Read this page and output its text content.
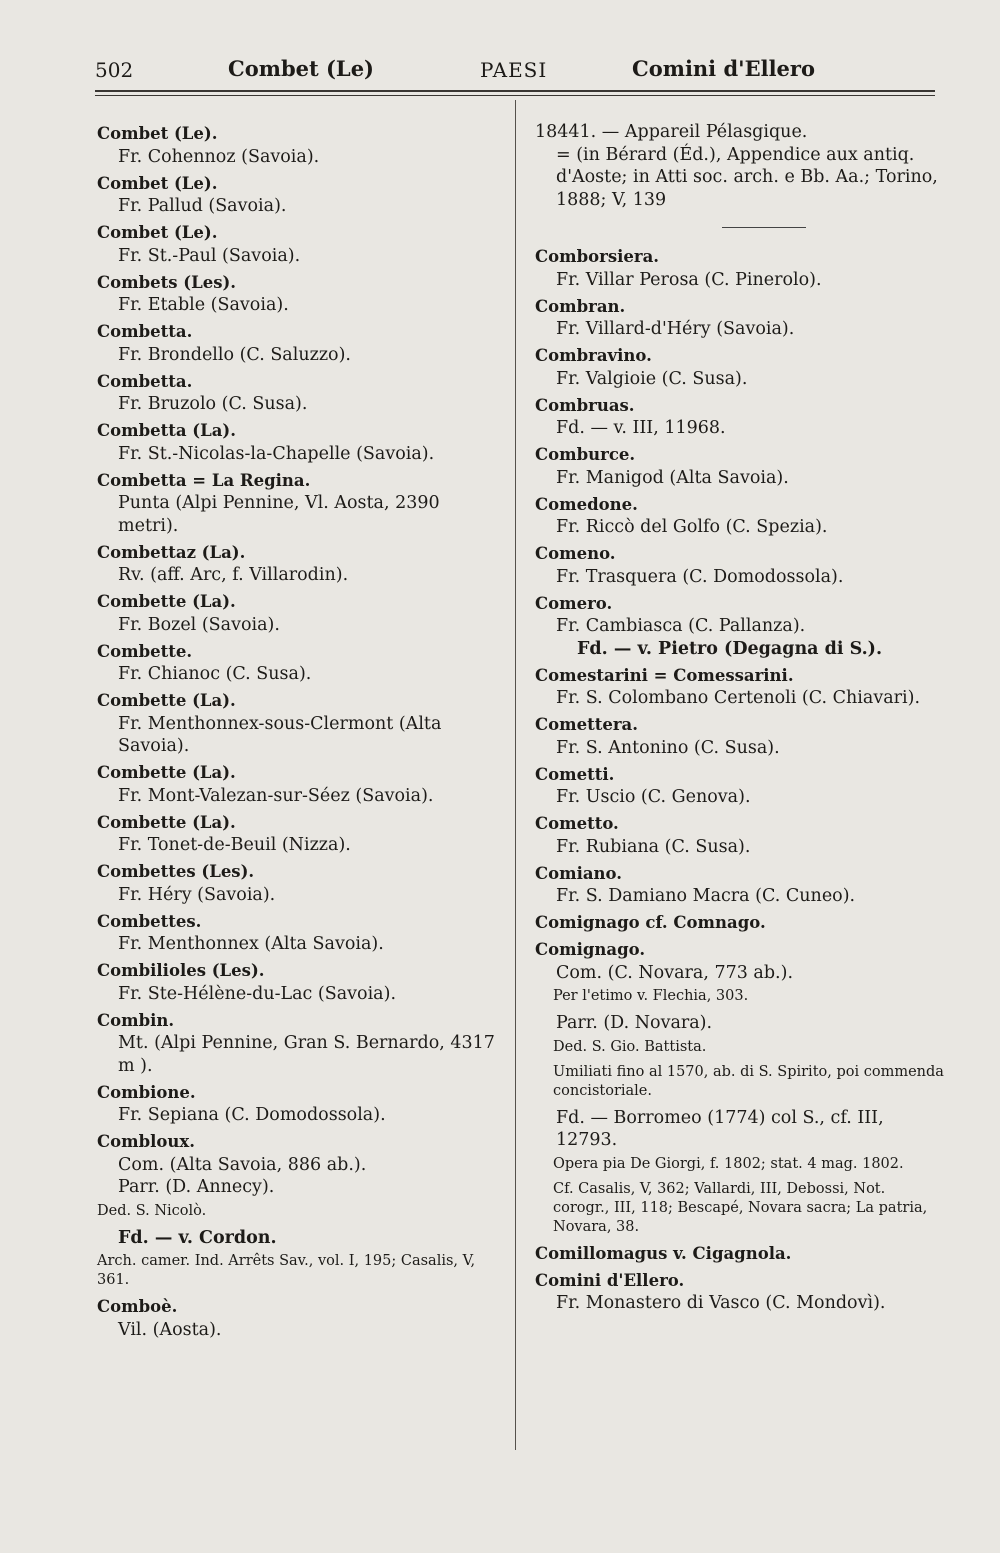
502	Combet (Le)	PAESI	Comini d'Ellero
Combet (Le).
Fr. Cohennoz (Savoia).
Combet (Le).
Fr. Pallud (Savoia).
Combet (Le).
Fr. St.-Paul (Savoia).
Combets (Les).
Fr. Etable (Savoia).
Combetta.
Fr. Brondello (C. Saluzzo).
Combetta.
Fr. Bruzolo (C. Susa).
Combetta (La).
Fr. St.-Nicolas-la-Chapelle (Savoia).
Combetta = La Regina.
Punta (Alpi Pennine, Vl. Aosta, 2390 metri).
Combettaz (La).
Rv. (aff. Arc, f. Villarodin).
Combette (La).
Fr. Bozel (Savoia).
Combette.
Fr. Chianoc (C. Susa).
Combette (La).
Fr. Menthonnex-sous-Clermont (Alta Savoia).
Combette (La).
Fr. Mont-Valezan-sur-Séez (Savoia).
Combette (La).
Fr. Tonet-de-Beuil (Nizza).
Combettes (Les).
Fr. Héry (Savoia).
Combettes.
Fr. Menthonnex (Alta Savoia).
Combilioles (Les).
Fr. Ste-Hélène-du-Lac (Savoia).
Combin.
Mt. (Alpi Pennine, Gran S. Bernardo, 4317 m ).
Combione.
Fr. Sepiana (C. Domodossola).
Combloux.
Com. (Alta Savoia, 886 ab.).
Parr. (D. Annecy).
Ded. S. Nicolò.
Fd. — v. Cordon.
Arch. camer. Ind. Arrêts Sav., vol. I, 195; Casalis, V, 361.
Comboè.
Vil. (Aosta).
18441. — Appareil Pélasgique.
= (in Bérard (Éd.), Appendice aux antiq. d'Aoste; in Atti soc. arch. e Bb. Aa.; Torino, 1888; V, 139
Comborsiera.
Fr. Villar Perosa (C. Pinerolo).
Combran.
Fr. Villard-d'Héry (Savoia).
Combravino.
Fr. Valgioie (C. Susa).
Combruas.
Fd. — v. III, 11968.
Comburce.
Fr. Manigod (Alta Savoia).
Comedone.
Fr. Riccò del Golfo (C. Spezia).
Comeno.
Fr. Trasquera (C. Domodossola).
Comero.
Fr. Cambiasca (C. Pallanza).
Fd. — v. Pietro (Degagna di S.).
Comestarini = Comessarini.
Fr. S. Colombano Certenoli (C. Chiavari).
Comettera.
Fr. S. Antonino (C. Susa).
Cometti.
Fr. Uscio (C. Genova).
Cometto.
Fr. Rubiana (C. Susa).
Comiano.
Fr. S. Damiano Macra (C. Cuneo).
Comignago cf. Comnago.
Comignago.
Com. (C. Novara, 773 ab.).
Per l'etimo v. Flechia, 303.
Parr. (D. Novara).
Ded. S. Gio. Battista.
Umiliati fino al 1570, ab. di S. Spirito, poi commenda concistoriale.
Fd. — Borromeo (1774) col S., cf. III, 12793.
Opera pia De Giorgi, f. 1802; stat. 4 mag. 1802.
Cf. Casalis, V, 362; Vallardi, III, Debossi, Not. corogr., III, 118; Bescapé, Novara sacra; La patria, Novara, 38.
Comillomagus v. Cigagnola.
Comini d'Ellero.
Fr. Monastero di Vasco (C. Mondovì).
